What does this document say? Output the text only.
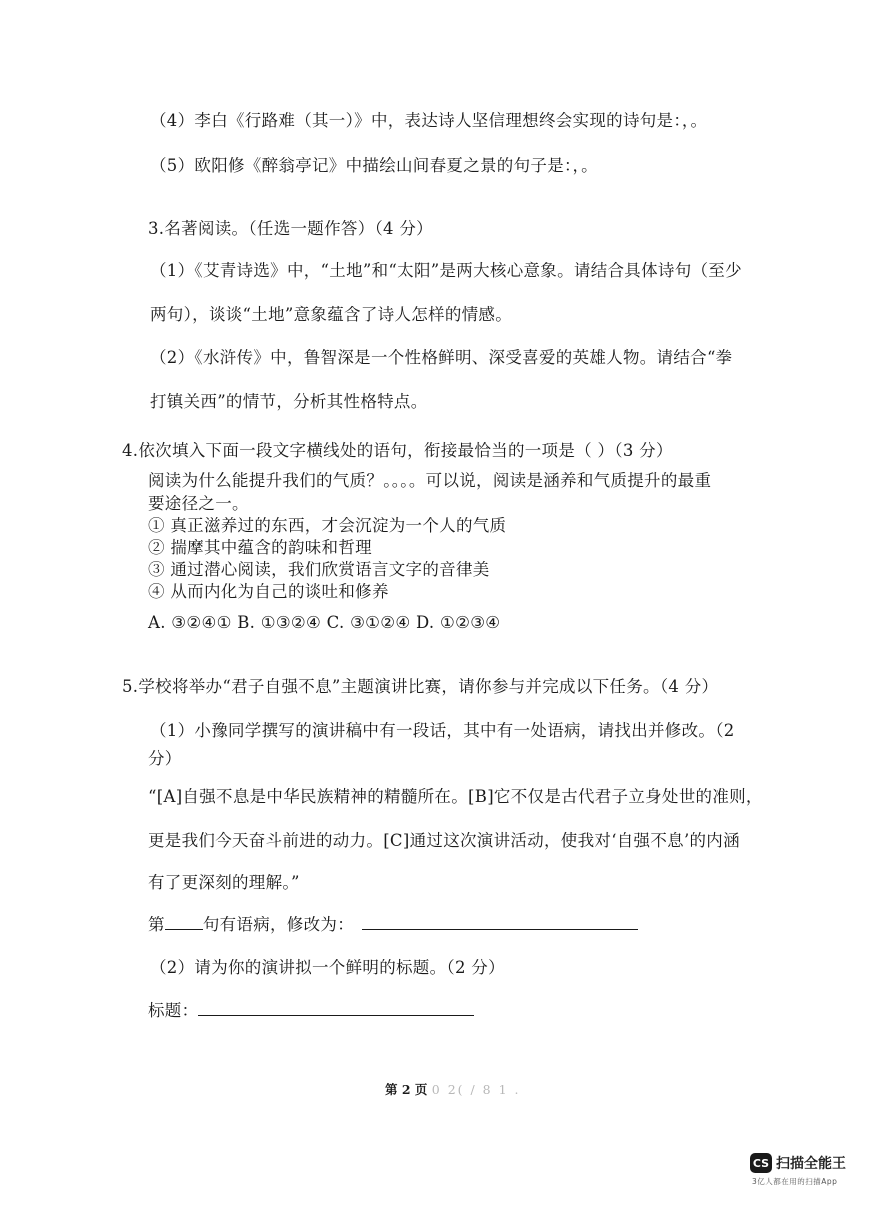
（4）李白《行路难（其一）》中，表达诗人坚信理想终会实现的诗句是：，。
（5）欧阳修《醉翁亭记》中描绘山间春夏之景的句子是：，。
3.名著阅读。（任选一题作答）（4 分）
（1）《艾青诗选》中，“土地”和“太阳”是两大核心意象。请结合具体诗句（至少
两句），谈谈“土地”意象蕴含了诗人怎样的情感。
（2）《水浒传》中，鲁智深是一个性格鲜明、深受喜爱的英雄人物。请结合“拳
打镇关西”的情节，分析其性格特点。
4.依次填入下面一段文字横线处的语句，衔接最恰当的一项是（ ）（3 分）
阅读为什么能提升我们的气质？。。。。可以说，阅读是涵养和气质提升的最重
要途径之一。
① 真正滋养过的东西，才会沉淀为一个人的气质
② 揣摩其中蕴含的韵味和哲理
③ 通过潜心阅读，我们欣赏语言文字的音律美
④ 从而内化为自己的谈吐和修养
A. ③②④① B. ①③②④ C. ③①②④ D. ①②③④
5.学校将举办“君子自强不息”主题演讲比赛，请你参与并完成以下任务。（4 分）
（1）小豫同学撰写的演讲稿中有一段话，其中有一处语病，请找出并修改。（2
分）
“[A]自强不息是中华民族精神的精髓所在。[B]它不仅是古代君子立身处世的准则，
更是我们今天奋斗前进的动力。[C]通过这次演讲活动，使我对‘自强不息’的内涵
有了更深刻的理解。”
第 句有语病，修改为：
（2）请为你的演讲拟一个鲜明的标题。（2 分）
标题：
第 2 页 0 2( / 8 1 .
CS 扫描全能王
3亿人都在用的扫描App
